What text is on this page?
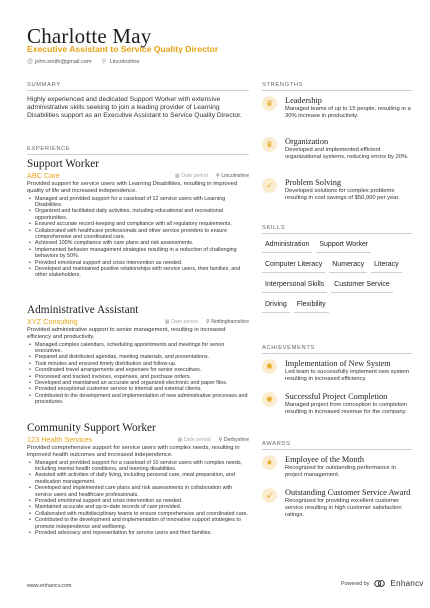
Charlotte May
Executive Assistant to Service Quality Director
@ john.smith@gmail.com ⚲ Lincolnshire
SUMMARY
Highly experienced and dedicated Support Worker with extensive administrative skills seeking to join a leading provider of Learning Disabilities support as an Executive Assistant to Service Quality Director.
EXPERIENCE
Support Worker
ABC Care	▦ Date period ⚲ Lincolnshire
Provided support for service users with Learning Disabilities, resulting in improved quality of life and increased independence.
• Managed and provided support for a caseload of 12 service users with Learning Disabilities.
• Organized and facilitated daily activities, including educational and recreational opportunities.
• Ensured accurate record-keeping and compliance with all regulatory requirements.
• Collaborated with healthcare professionals and other service providers to ensure comprehensive and coordinated care.
• Achieved 100% compliance with care plans and risk assessments.
• Implemented behavior management strategies resulting in a reduction of challenging behaviors by 50%.
• Provided emotional support and crisis intervention as needed.
• Developed and maintained positive relationships with service users, their families, and other stakeholders.
Administrative Assistant
XYZ Consulting	▦ Date period ⚲ Nottinghamshire
Provided administrative support to senior management, resulting in increased efficiency and productivity.
• Managed complex calendars, scheduling appointments and meetings for senior executives.
• Prepared and distributed agendas, meeting materials, and presentations.
• Took minutes and ensured timely distribution and follow-up.
• Coordinated travel arrangements and expenses for senior executives.
• Processed and tracked invoices, expenses, and purchase orders.
• Developed and maintained an accurate and organized electronic and paper files.
• Provided exceptional customer service to internal and external clients.
• Contributed to the development and implementation of new administrative processes and procedures.
Community Support Worker
123 Health Services	▦ Date period ⚲ Derbyshire
Provided comprehensive support for service users with complex needs, resulting in improved health outcomes and increased independence.
• Managed and provided support for a caseload of 10 service users with complex needs, including mental health conditions, and learning disabilities.
• Assisted with activities of daily living, including personal care, meal preparation, and medication management.
• Developed and implemented care plans and risk assessments in collaboration with service users and healthcare professionals.
• Provided emotional support and crisis intervention as needed.
• Maintained accurate and up-to-date records of care provided.
• Collaborated with multidisciplinary teams to ensure comprehensive and coordinated care.
• Contributed to the development and implementation of innovative support strategies to promote independence and wellbeing.
• Provided advocacy and representation for service users and their families.
STRENGTHS
♛	Leadership
Managed teams of up to 15 people, resulting in a 30% increase in productivity.
♛	Organization
Developed and implemented efficient organizational systems, reducing errors by 20%.
✓	Problem Solving
Developed solutions for complex problems resulting in cost savings of $50,000 per year.
SKILLS
Administration	Support Worker
Computer Literacy	Numeracy	Literacy
Interpersonal Skills	Customer Service
Driving	Flexibility
ACHIEVEMENTS
✺	Implementation of New System
Led team to successfully implement new system resulting in increased efficiency.
✺	Successful Project Completion
Managed project from conception to completion resulting in increased revenue for the company.
AWARDS
★	Employee of the Month
Recognized for outstanding performance in project management.
➶	Outstanding Customer Service Award
Recognized for providing excellent customer service resulting in high customer satisfaction ratings.
www.enhancv.com	Powered by	Enhancv
